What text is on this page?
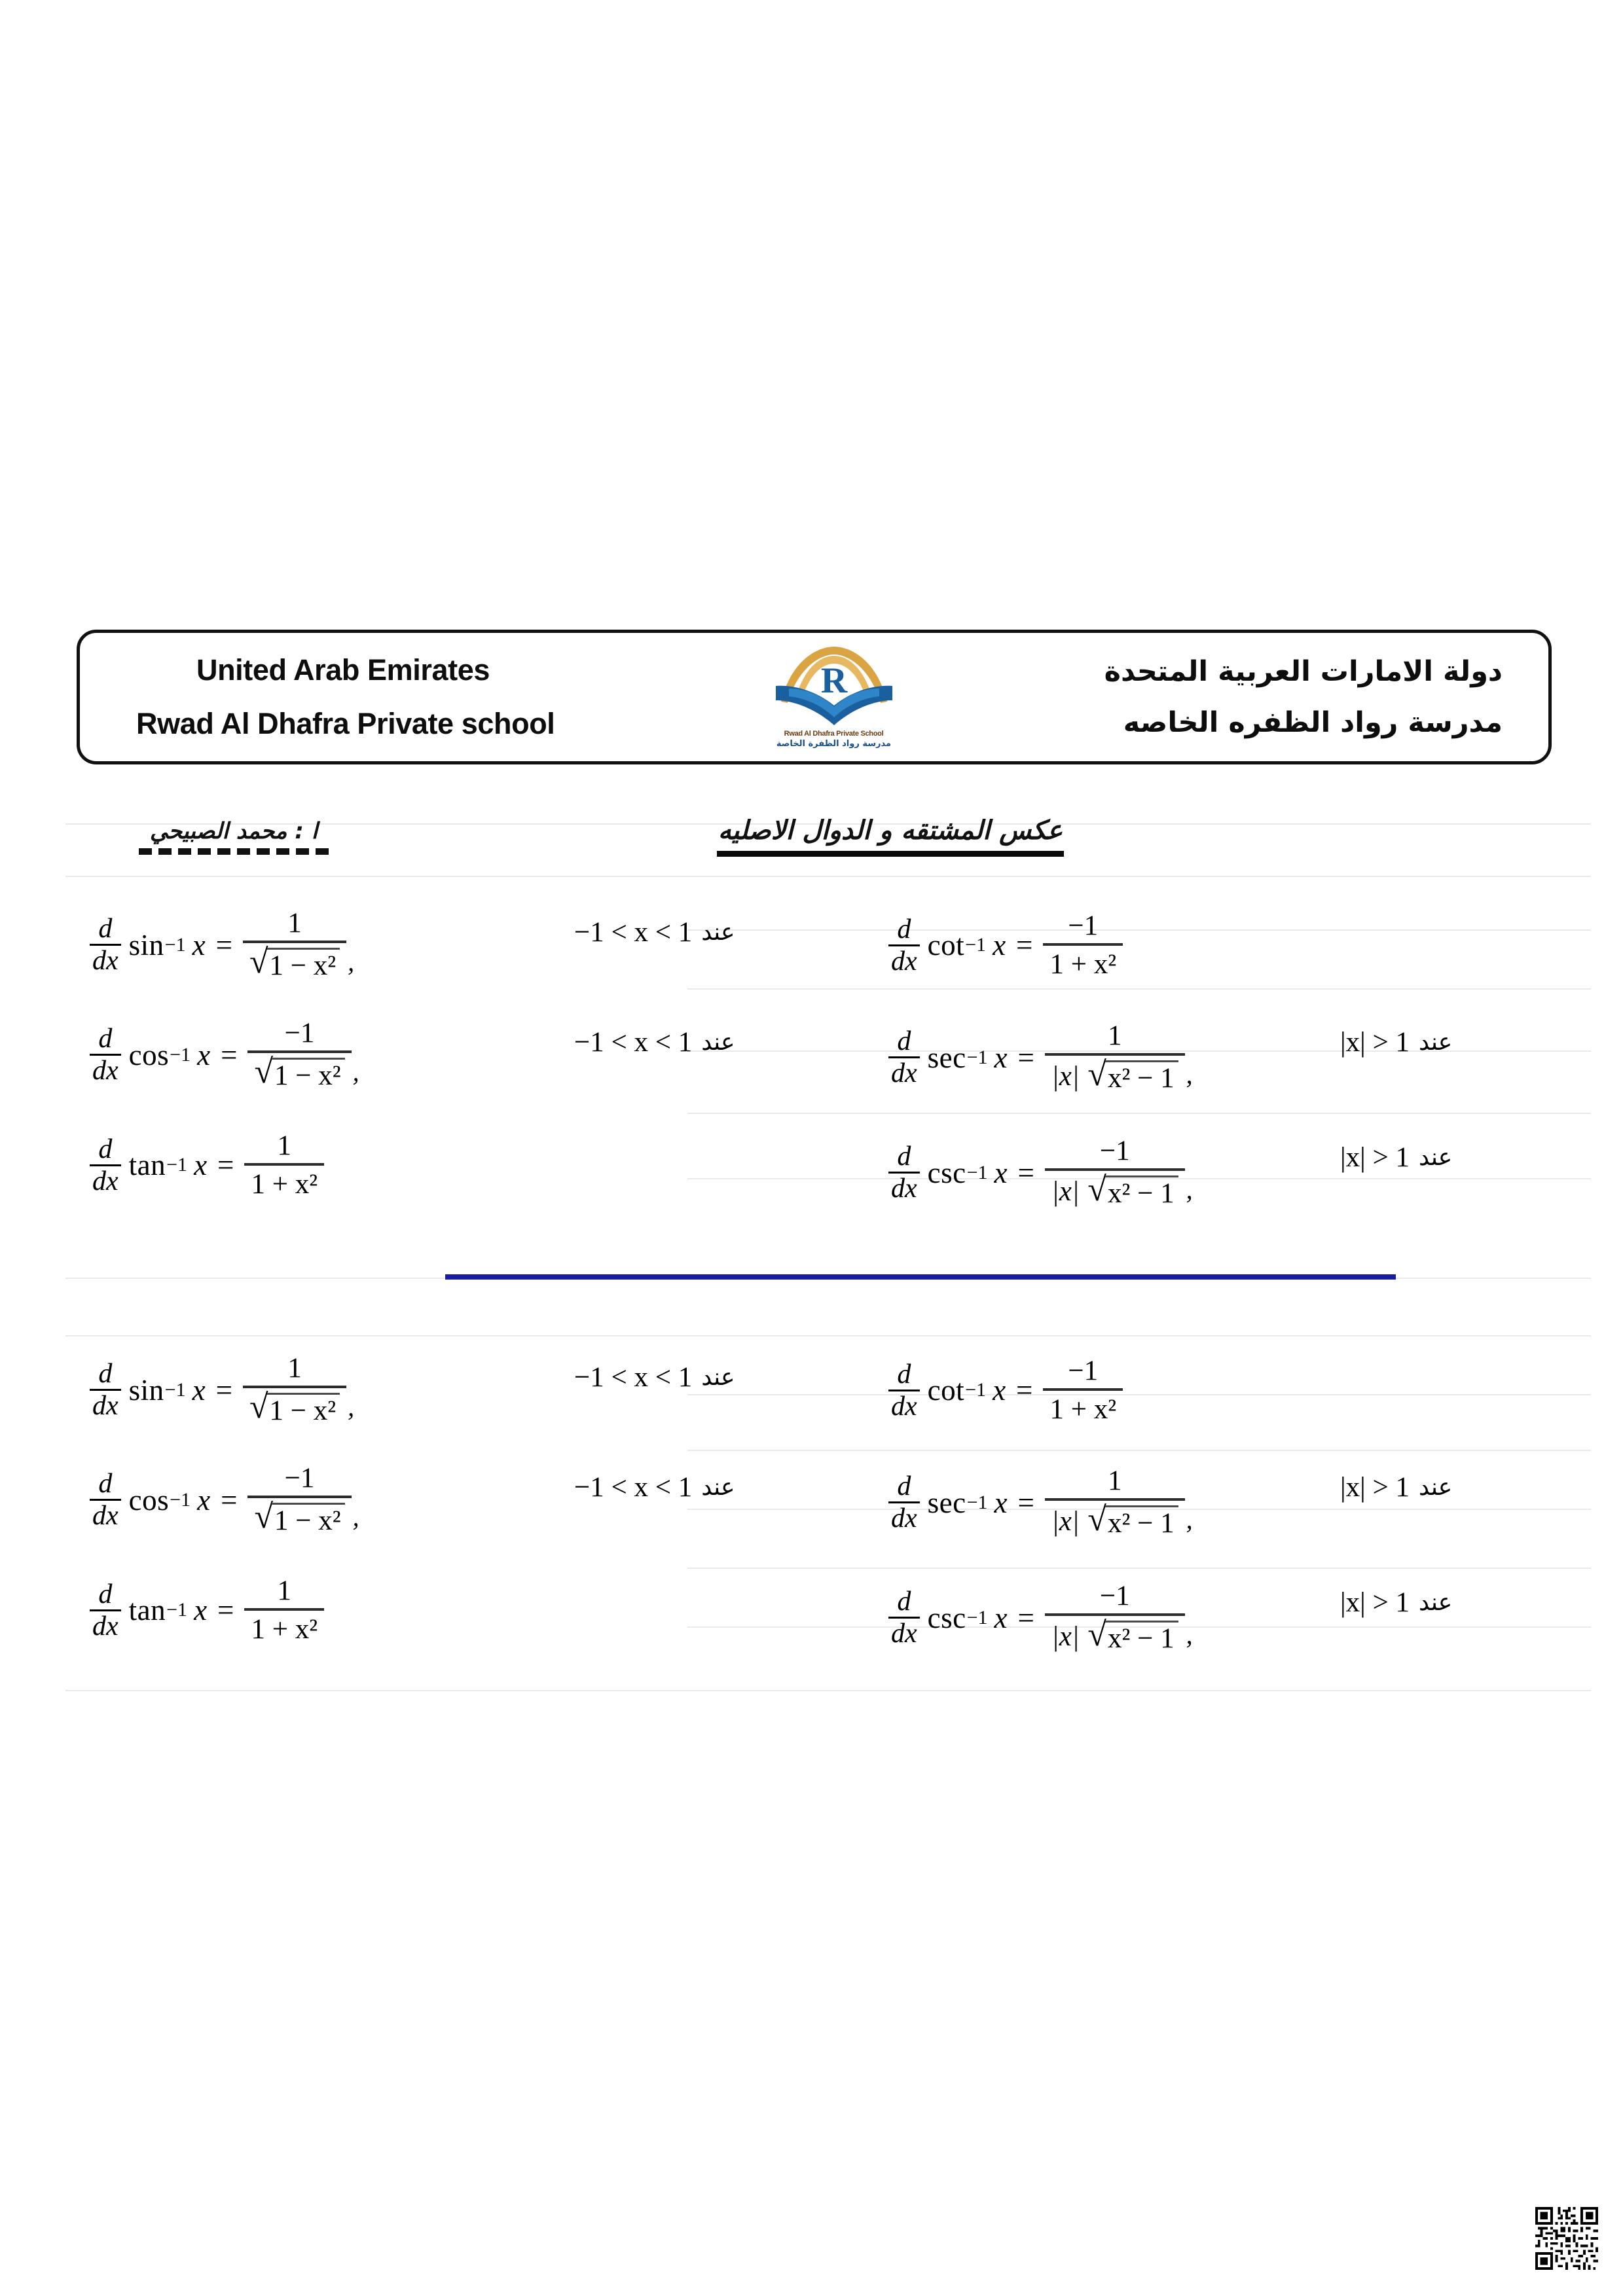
United Arab Emirates
Rwad Al Dhafra Private school
R
Rwad Al Dhafra Private School
مدرسة رواد الظفرة الخاصة
دولة الامارات العربية المتحدة
مدرسة رواد الظفره الخاصه
ا : محمد الصبيحي	عكس المشتقه و الدوال الاصليه
$\frac{d}{dx}$ sin −1 $x = \frac{1}{\text{√ 1 − x²}}$ ,
$\frac{d}{dx}$ cos −1 $x = \frac{-1}{\text{√ 1 − x²}}$ ,
$\frac{d}{dx}$ tan −1 $x = \frac{1}{\text{1 + x²}}$
عند
−1 < x < 1
عند
−1 < x < 1
$\frac{d}{dx}$ cot −1 $x = \frac{-1}{\text{1 + x²}}$
$\frac{d}{dx}$ sec −1 $x = \frac{1}{\text{|x| √ x² − 1}}$ ,
$\frac{d}{dx}$ csc −1 $x = \frac{-1}{\text{|x| √ x² − 1}}$ ,
عند
|x| > 1
عند
|x| > 1
$\frac{d}{dx}$ sin −1 $x = \frac{1}{\text{√ 1 − x²}}$ ,
$\frac{d}{dx}$ cos −1 $x = \frac{-1}{\text{√ 1 − x²}}$ ,
$\frac{d}{dx}$ tan −1 $x = \frac{1}{\text{1 + x²}}$
عند
−1 < x < 1
عند
−1 < x < 1
$\frac{d}{dx}$ cot −1 $x = \frac{-1}{\text{1 + x²}}$
$\frac{d}{dx}$ sec −1 $x = \frac{1}{\text{|x| √ x² − 1}}$ ,
$\frac{d}{dx}$ csc −1 $x = \frac{-1}{\text{|x| √ x² − 1}}$ ,
عند
|x| > 1
عند
|x| > 1
